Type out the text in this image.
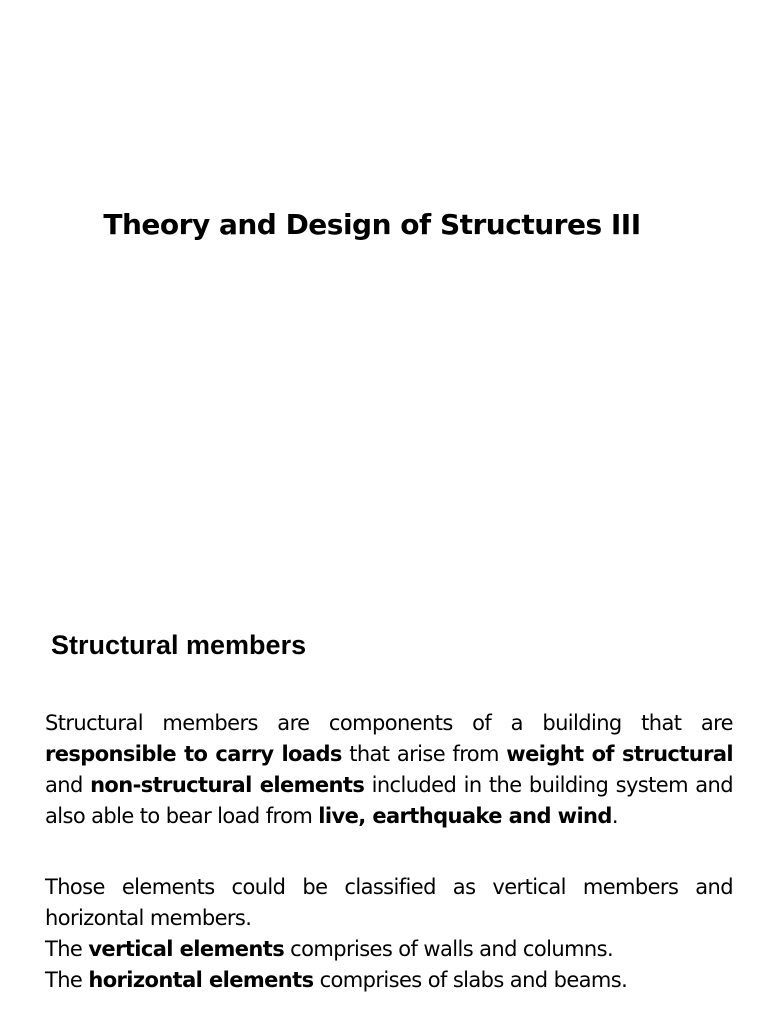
Theory and Design of Structures III
Structural members

Structural members are components of a building that are responsible to carry loads that arise from weight of structural and non-structural elements included in the building system and also able to bear load from live, earthquake and wind.

Those elements could be classified as vertical members and horizontal members.

The vertical elements comprises of walls and columns.
The horizontal elements comprises of slabs and beams.
